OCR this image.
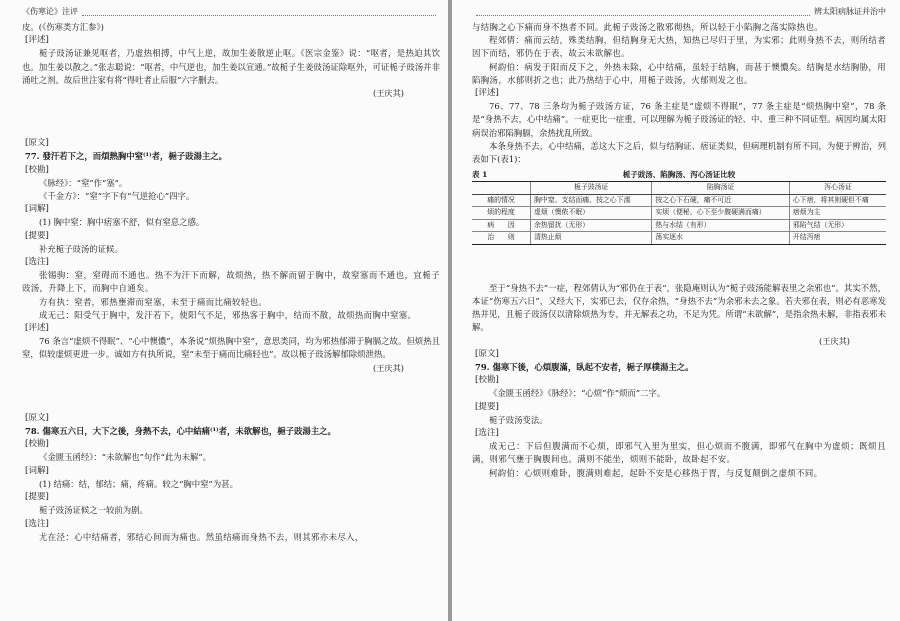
《伤寒论》注评

皮。(《伤寒类方汇参》)

[评述]

栀子豉汤证兼见呕者，乃虚热相搏，中气上逆，故加生姜散逆止呕。《医宗金鉴》说：“呕者，是热迫其饮也。加生姜以散之。”张志聪说：“呕者，中气逆也，加生姜以宣通。”故栀子生姜豉汤证除呕外，可证栀子豉汤并非涌吐之剂。故后世注家有将“得吐者止后服”六字删去。

(王庆其)

[原文]

77. 發汗若下之，而煩熱胸中窒⁽¹⁾者，梔子豉湯主之。

[校勘]

《脉经》：“窒”作“塞”。

《千金方》：“窒”字下有“气逆抢心”四字。

[词解]

(1) 胸中窒：胸中痞塞不舒，似有窒息之感。

[提要]

补充栀子豉汤的证候。

[选注]

张锡驹：窒，窒碍而不通也。热不为汗下而解，故烦热，热不解而留于胸中，故窒塞而不通也，宜栀子豉汤，升降上下，而胸中自通矣。

方有执：窒者，邪热壅滞而窒塞，未至于痛而比痛较轻也。

成无己：阳受气于胸中，发汗若下，使阳气不足，邪热客于胸中，结而不散，故烦热而胸中窒塞。

[评述]

76 条言“虚烦不得眠”、“心中懊憹”，本条说“烦热胸中窒”，意思类同，均为邪热郁滞于胸膈之故。但烦热且窒，似较虚烦更进一步。诚如方有执所说，窒“未至于痛而比痛轻也”。故以栀子豉汤解郁除烦泄热。

(王庆其)

[原文]

78. 傷寒五六日，大下之後，身熱不去，心中結痛⁽¹⁾者，未欲解也，梔子豉湯主之。

[校勘]

《金匮玉函经》：“未欲解也”句作“此为未解”。

[词解]

(1) 结痛：结，郁结；痛，疼痛。较之“胸中窒”为甚。

[提要]

栀子豉汤证候之一较前为剧。

[选注]

尤在泾：心中结痛者，邪结心间而为痛也。然虽结痛而身热不去，则其邪亦未尽入，

辨太阳病脉证并治中

与结胸之心下痛而身不热者不同。此栀子豉汤之散邪彻热，所以轻于小陷胸之荡实除热也。

程郊倩：痛而云结，殊类结胸，但结胸身无大热，知热已尽归于里，为实邪；此则身热不去，则所结者因下而结，邪仍在于表，故云未欲解也。

柯韵伯：病发于阳而反下之，外热未除，心中结痛，虽轻于结胸，而甚于懊憹矣。结胸是水结胸胁，用陷胸汤，水郁则折之也；此乃热结于心中，用栀子豉汤，火郁则发之也。

[评述]

76、77、78 三条均为栀子豉汤方证，76 条主症是“虚烦不得眠”，77 条主症是“烦热胸中窒”，78 条是“身热不去，心中结痛”。一症更比一症重，可以理解为栀子豉汤证的轻、中、重三种不同证型。病因均属太阳病误治邪陷胸膈，余热扰乱所致。

本条身热不去，心中结痛，恙这大下之后，似与结胸证、痞证类似，但病理机制有所不同，为便于辨治，列表如下(表1)：

表 1	栀子豉汤、陷胸汤、泻心汤证比较
	栀子豉汤证	陷胸汤证	泻心汤证
痛的情况	胸中窒、支结而痛、按之心下濡	按之心下石硬，痛不可近	心下痞，将其则硬但不痛
烦的程度	虚烦（懊侬不眠）	实烦（便秘，心下至少腹硬满而痛）	痞烦为主
病　　因	余热留扰（无形）	热与水结（有形）	邪陷气结（无形）
治　　则	清热止烦	荡实逐水	开结泻痞

至于“身热不去”一症，程郊倩认为“邪仍在于表”，张隐庵则认为“栀子豉汤能解表里之余邪也”。其实不然，本证“伤寒五六日”，又经大下，实邪已去，仅存余热，“身热不去”为余邪未去之象。若夫邪在表，则必有恶寒发热并见，且栀子豉汤仅以清除烦热为专，并无解表之功，不足为凭。所谓“未欲解”，是指余热未解，非指表邪未解。

(王庆其)

[原文]

79. 傷寒下後，心煩腹滿，臥起不安者，梔子厚樸湯主之。

[校勘]

《金匮玉函经》《脉经》：“心烦”作“烦而”二字。

[提要]

栀子豉汤变法。

[选注]

成无己：下后但腹满而不心烦，即邪气入里为里实，但心烦而不腹满，即邪气在胸中为虚烦；既烦且满，则邪气壅于胸腹间也。满则不能坐，烦则不能卧，故卧起不安。

柯韵伯：心烦则难卧，腹满则难起，起卧不安是心移热于胃，与反复颠倒之虚烦不同。
